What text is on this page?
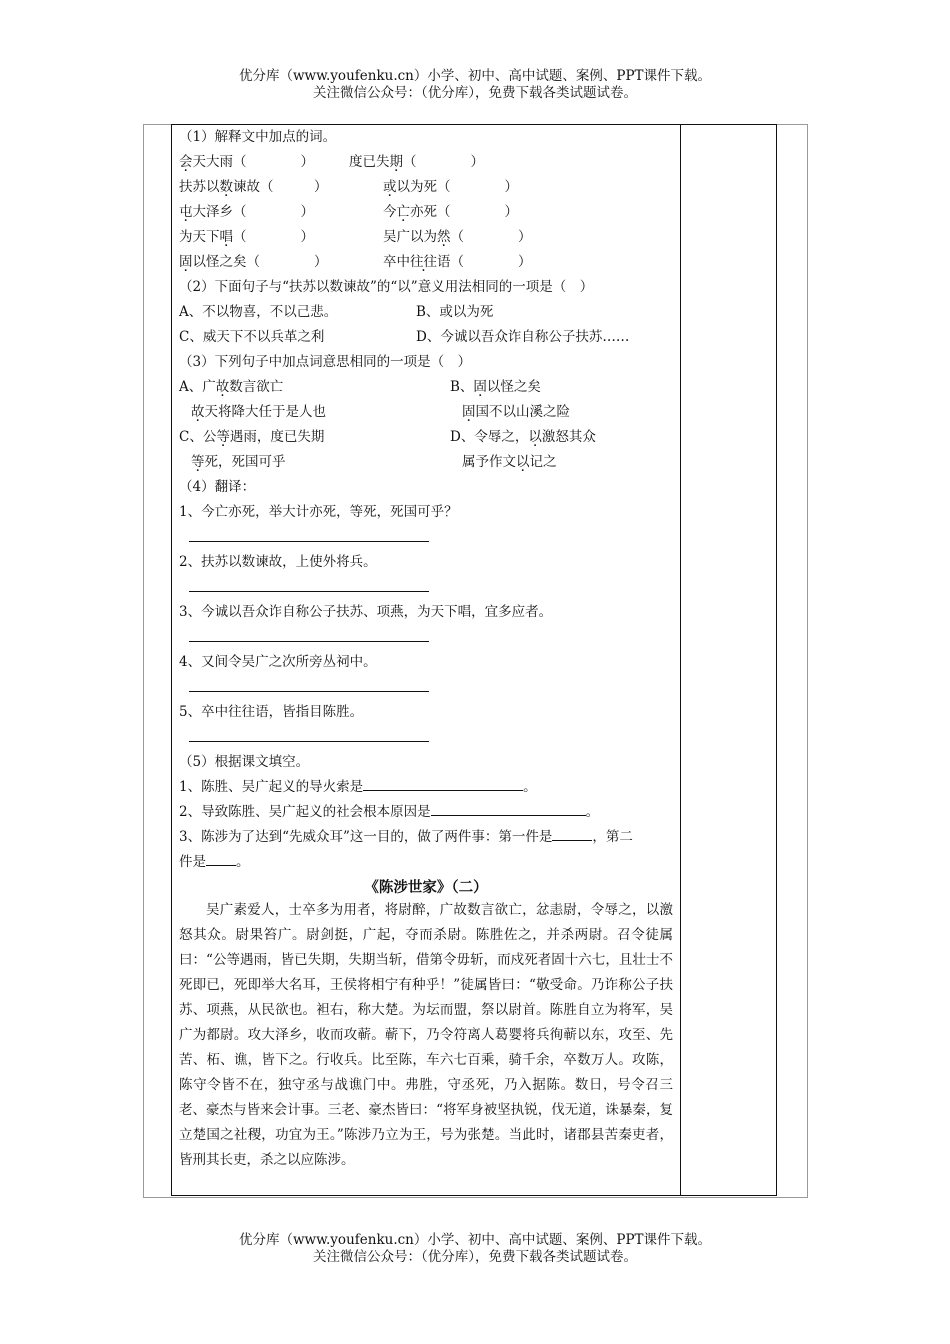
优分库（www.youfenku.cn）小学、初中、高中试题、案例、PPT课件下载。
关注微信公众号：（优分库），免费下载各类试题试卷。
（1）解释文中加点的词。
会天大雨（　　　　）	度已失期（　　　　）
扶苏以数谏故（　　　）	或以为死（　　　　）
屯大泽乡（　　　　）	今亡亦死（　　　　）
为天下唱（　　　　）	吴广以为然（　　　　）
固以怪之矣（　　　　）	卒中往往语（　　　　）
（2）下面句子与“扶苏以数谏故”的“以”意义用法相同的一项是（　）
A、不以物喜，不以己悲。	B、或以为死
C、威天下不以兵革之利	D、今诚以吾众诈自称公子扶苏……
（3）下列句子中加点词意思相同的一项是（　）
A、广故数言欲亡	B、固以怪之矣
故天将降大任于是人也	固国不以山溪之险
C、公等遇雨，度已失期	D、令辱之，以激怒其众
等死，死国可乎	属予作文以记之
（4）翻译：
1、今亡亦死，举大计亦死，等死，死国可乎？
2、扶苏以数谏故，上使外将兵。
3、今诚以吾众诈自称公子扶苏、项燕，为天下唱，宜多应者。
4、又间令吴广之次所旁丛祠中。
5、卒中往往语，皆指目陈胜。
（5）根据课文填空。
1、陈胜、吴广起义的导火索是	。
2、导致陈胜、吴广起义的社会根本原因是	。
3、陈涉为了达到“先威众耳”这一目的，做了两件事：第一件是	，第二
件是 。
《陈涉世家》（二）
吴广素爱人，士卒多为用者，将尉醉，广故数言欲亡，忿恚尉，令辱之，以激怒其众。尉果笞广。尉剑挺，广起，夺而杀尉。陈胜佐之，并杀两尉。召令徒属曰：“公等遇雨，皆已失期，失期当斩，借第令毋斩，而戍死者固十六七，且壮士不死即已，死即举大名耳，王侯将相宁有种乎！”徒属皆曰：“敬受命。乃诈称公子扶苏、项燕，从民欲也。袒右，称大楚。为坛而盟，祭以尉首。陈胜自立为将军，吴广为都尉。攻大泽乡，收而攻蕲。蕲下，乃令符离人葛婴将兵徇蕲以东，攻至、先 苦、柘、谯，皆下之。行收兵。比至陈，车六七百乘，骑千余，卒数万人。攻陈，陈守令皆不在，独守丞与战谯门中。弗胜，守丞死，乃入据陈。数日，号令召三老、豪杰与皆来会计事。三老、豪杰皆曰：“将军身被坚执锐，伐无道，诛暴秦，复立楚国之社稷，功宜为王。”陈涉乃立为王，号为张楚。当此时，诸郡县苦秦吏者，皆刑其长吏，杀之以应陈涉。
优分库（www.youfenku.cn）小学、初中、高中试题、案例、PPT课件下载。
关注微信公众号：（优分库），免费下载各类试题试卷。
